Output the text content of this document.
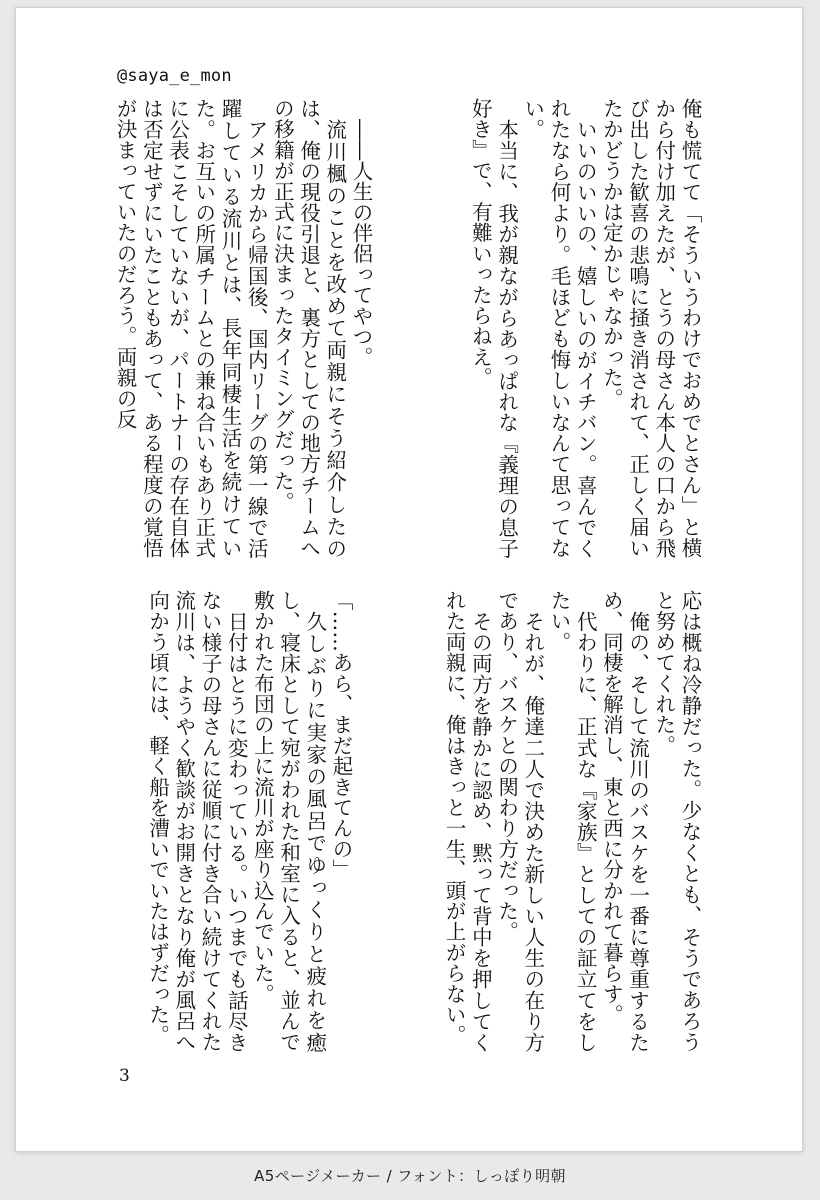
@saya_e_mon

俺も慌てて「そういうわけでおめでとさん」と横から付け加えたが、とうの母さん本人の口から飛び出した歓喜の悲鳴に掻き消されて、正しく届いたかどうかは定かじゃなかった。

いいのいいの、嬉しいのがイチバン。喜んでくれたなら何より。毛ほども悔しいなんて思ってない。

本当に、我が親ながらあっぱれな『義理の息子好き』で、有難いったらねえ。

――人生の伴侶ってやつ。

流川楓のことを改めて両親にそう紹介したのは、俺の現役引退と、裏方としての地方チームへの移籍が正式に決まったタイミングだった。

アメリカから帰国後、国内リーグの第一線で活躍している流川とは、長年同棲生活を続けていた。お互いの所属チームとの兼ね合いもあり正式に公表こそしていないが、パートナーの存在自体は否定せずにいたこともあって、ある程度の覚悟が決まっていたのだろう。両親の反

応は概ね冷静だった。少なくとも、そうであろうと努めてくれた。

俺の、そして流川のバスケを一番に尊重するため、同棲を解消し、東と西に分かれて暮らす。

代わりに、正式な『家族』としての証立てをしたい。

それが、俺達二人で決めた新しい人生の在り方であり、バスケとの関わり方だった。

その両方を静かに認め、黙って背中を押してくれた両親に、俺はきっと一生、頭が上がらない。

「……あら、まだ起きてんの」

久しぶりに実家の風呂でゆっくりと疲れを癒し、寝床として宛がわれた和室に入ると、並んで敷かれた布団の上に流川が座り込んでいた。

日付はとうに変わっている。いつまでも話尽きない様子の母さんに従順に付き合い続けてくれた流川は、ようやく歓談がお開きとなり俺が風呂へ向かう頃には、軽く船を漕いでいたはずだった。

3
A5ページメーカー / フォント：しっぽり明朝
